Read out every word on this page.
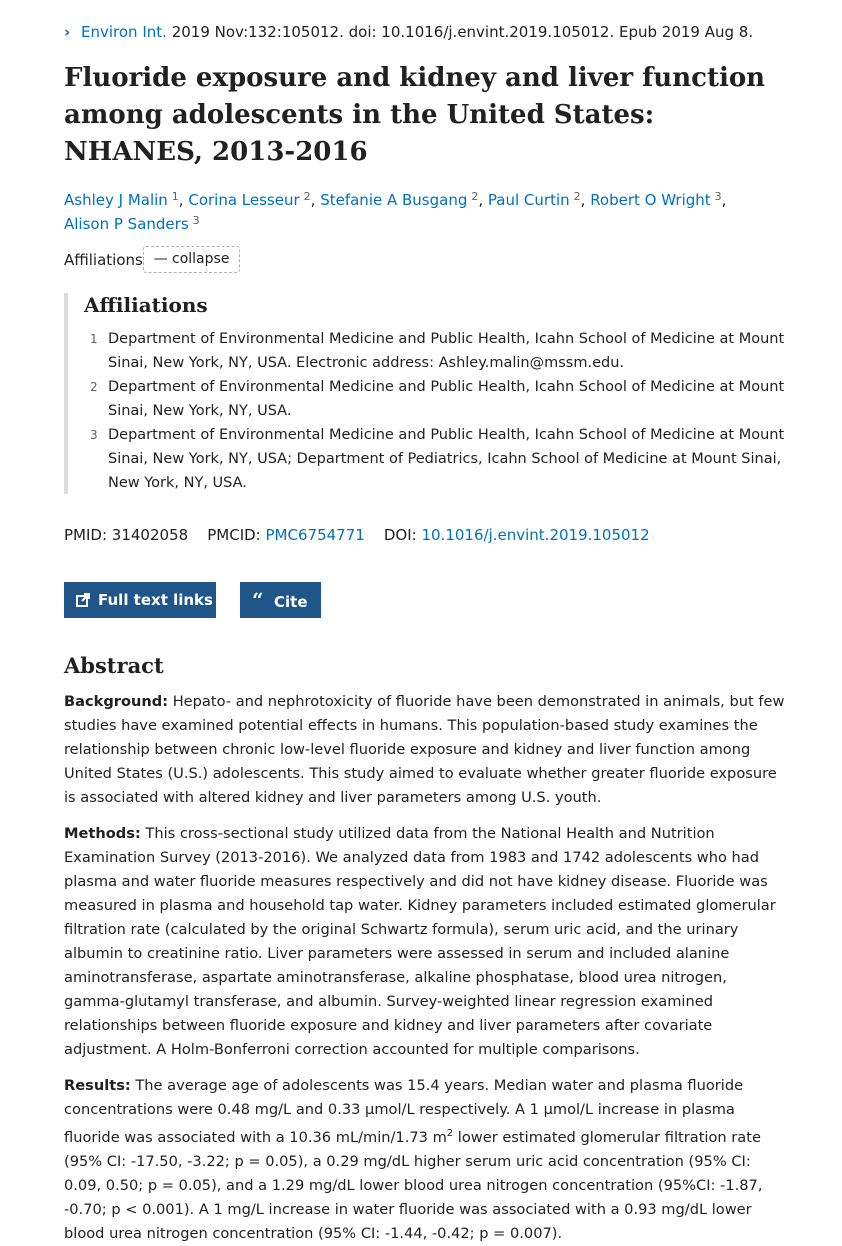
› Environ Int. 2019 Nov:132:105012. doi: 10.1016/j.envint.2019.105012. Epub 2019 Aug 8.
Fluoride exposure and kidney and liver function among adolescents in the United States: NHANES, 2013-2016
Ashley J Malin $^1$, Corina Lesseur $^2$, Stefanie A Busgang $^2$, Paul Curtin $^2$, Robert O Wright $^3$,
Alison P Sanders $^3$
Affiliations — collapse
Affiliations
1 Department of Environmental Medicine and Public Health, Icahn School of Medicine at Mount Sinai, New York, NY, USA. Electronic address: Ashley.malin@mssm.edu.
2 Department of Environmental Medicine and Public Health, Icahn School of Medicine at Mount Sinai, New York, NY, USA.
3 Department of Environmental Medicine and Public Health, Icahn School of Medicine at Mount Sinai, New York, NY, USA; Department of Pediatrics, Icahn School of Medicine at Mount Sinai, New York, NY, USA.
PMID: 31402058 PMCID: PMC6754771 DOI: 10.1016/j.envint.2019.105012
Full text links	“ Cite
Abstract
Background: Hepato- and nephrotoxicity of fluoride have been demonstrated in animals, but few studies have examined potential effects in humans. This population-based study examines the relationship between chronic low-level fluoride exposure and kidney and liver function among United States (U.S.) adolescents. This study aimed to evaluate whether greater fluoride exposure is associated with altered kidney and liver parameters among U.S. youth.
Methods: This cross-sectional study utilized data from the National Health and Nutrition Examination Survey (2013-2016). We analyzed data from 1983 and 1742 adolescents who had plasma and water fluoride measures respectively and did not have kidney disease. Fluoride was measured in plasma and household tap water. Kidney parameters included estimated glomerular filtration rate (calculated by the original Schwartz formula), serum uric acid, and the urinary albumin to creatinine ratio. Liver parameters were assessed in serum and included alanine aminotransferase, aspartate aminotransferase, alkaline phosphatase, blood urea nitrogen, gamma-glutamyl transferase, and albumin. Survey-weighted linear regression examined relationships between fluoride exposure and kidney and liver parameters after covariate adjustment. A Holm-Bonferroni correction accounted for multiple comparisons.
Results: The average age of adolescents was 15.4 years. Median water and plasma fluoride concentrations were 0.48 mg/L and 0.33 µmol/L respectively. A 1 µmol/L increase in plasma fluoride was associated with a 10.36 mL/min/1.73 $m^2$ lower estimated glomerular filtration rate (95% CI: -17.50, -3.22; p = 0.05), a 0.29 mg/dL higher serum uric acid concentration (95% CI: 0.09, 0.50; p = 0.05), and a 1.29 mg/dL lower blood urea nitrogen concentration (95%CI: -1.87, -0.70; p < 0.001). A 1 mg/L increase in water fluoride was associated with a 0.93 mg/dL lower blood urea nitrogen concentration (95% CI: -1.44, -0.42; p = 0.007).
